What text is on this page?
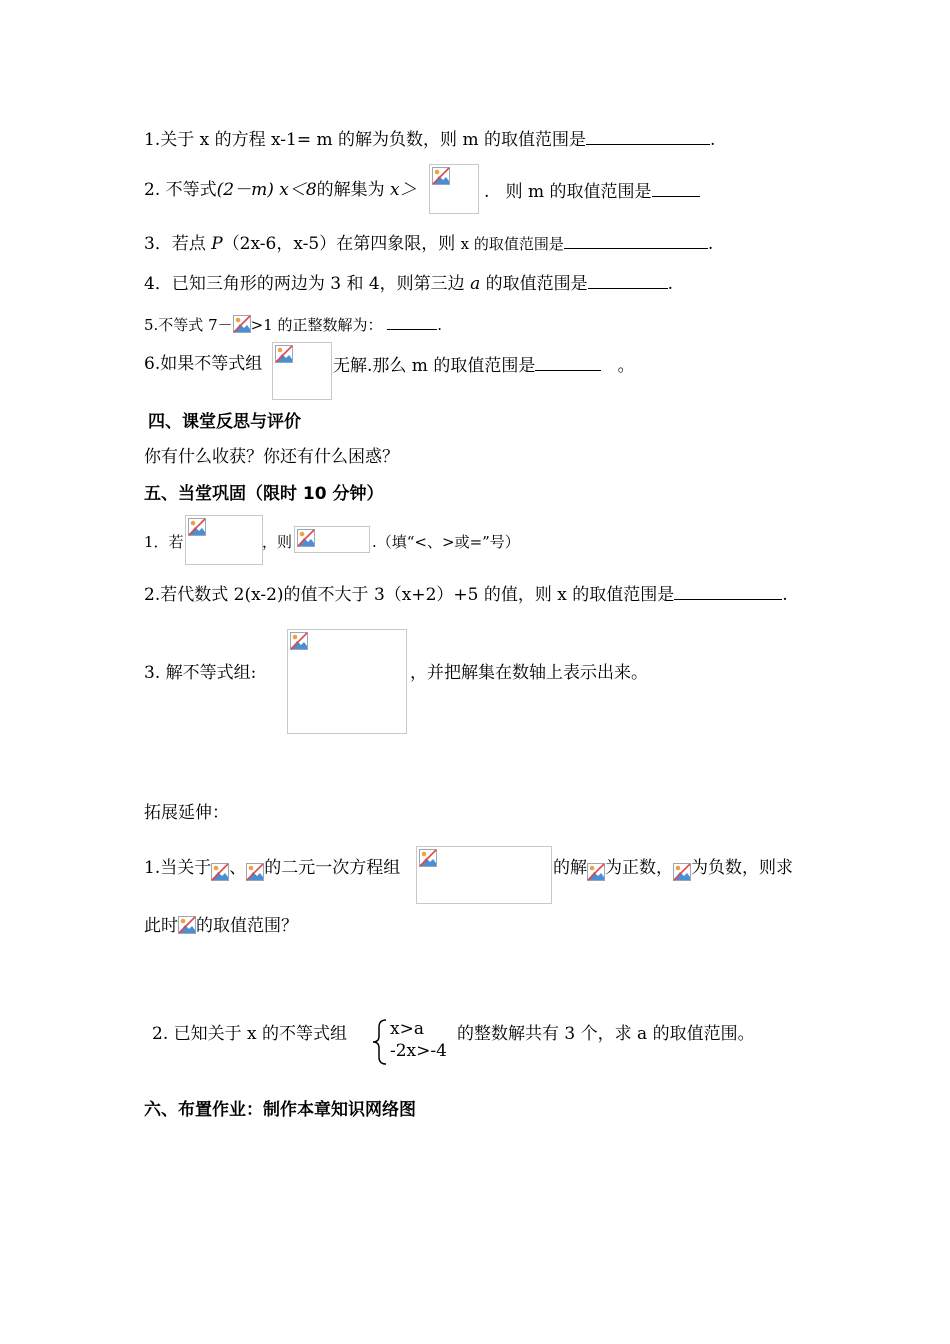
1.关于 x 的方程 x-1= m 的解为负数，则 m 的取值范围是	.
2. 不等式(2－m) x＜8的解集为 x＞	. 则 m 的取值范围是
3．若点 P（2x-6，x-5）在第四象限，则 x 的取值范围是	.
4．已知三角形的两边为 3 和 4，则第三边 a 的取值范围是	.
5.不等式 7－ >1 的正整数解为：	.
6.如果不等式组	无解.那么 m 的取值范围是	。
四、课堂反思与评价
你有什么收获？你还有什么困惑？
五、当堂巩固（限时 10 分钟）
1．若	，则	.（填“<、>或=”号）
2.若代数式 2(x-2)的值不大于 3（x+2）+5 的值，则 x 的取值范围是	.
3. 解不等式组:	，并把解集在数轴上表示出来。
拓展延伸：
1.当关于 、 的二元一次方程组	的解 为正数， 为负数，则求
此时 的取值范围？
2. 已知关于 x 的不等式组	x>a
-2x>-4
的整数解共有 3 个，求 a 的取值范围。
六、布置作业：制作本章知识网络图
